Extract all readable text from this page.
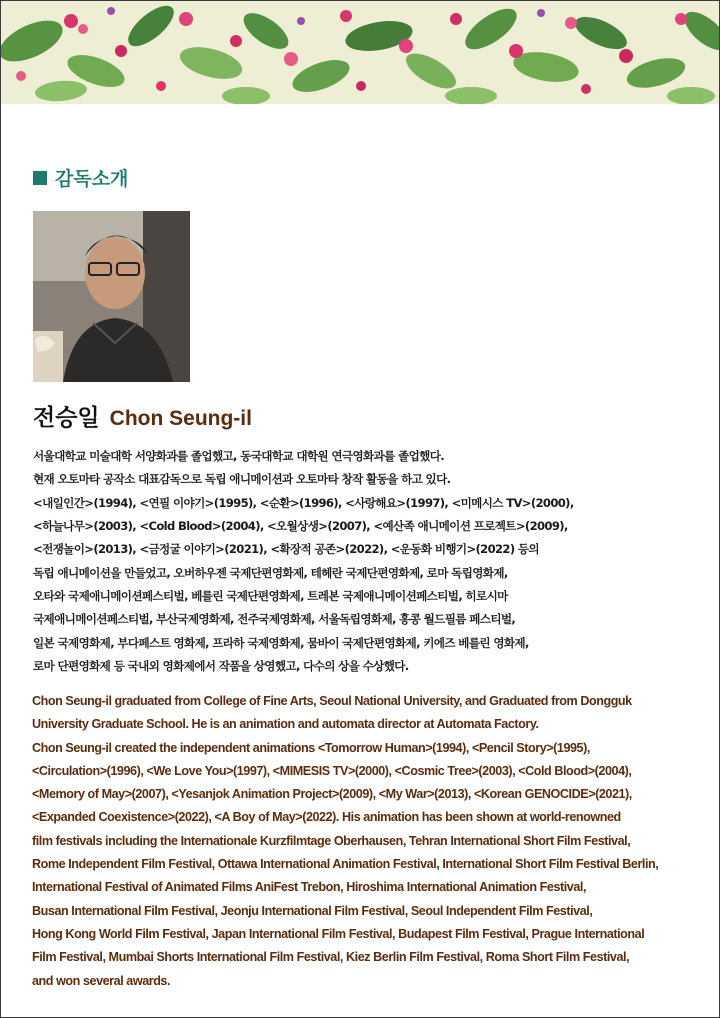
감독소개
전승일 Chon Seung-il
서울대학교 미술대학 서양화과를 졸업했고, 동국대학교 대학원 연극영화과를 졸업했다.
현재 오토마타 공작소 대표감독으로 독립 애니메이션과 오토마타 창작 활동을 하고 있다.
<내일인간>(1994), <연필 이야기>(1995), <순환>(1996), <사랑해요>(1997), <미메시스 TV>(2000),
<하늘나무>(2003), <Cold Blood>(2004), <오월상생>(2007), <예산족 애니메이션 프로젝트>(2009),
<전쟁놀이>(2013), <금정굴 이야기>(2021), <확장적 공존>(2022), <운동화 비행기>(2022) 등의
독립 애니메이션을 만들었고, 오버하우젠 국제단편영화제, 테헤란 국제단편영화제, 로마 독립영화제,
오타와 국제애니메이션페스티벌, 베를린 국제단편영화제, 트레본 국제애니메이션페스티벌, 히로시마
국제애니메이션페스티벌, 부산국제영화제, 전주국제영화제, 서울독립영화제, 홍콩 월드필름 페스티벌,
일본 국제영화제, 부다페스트 영화제, 프라하 국제영화제, 뭄바이 국제단편영화제, 키에즈 베를린 영화제,
로마 단편영화제 등 국내외 영화제에서 작품을 상영했고, 다수의 상을 수상했다.
Chon Seung-il graduated from College of Fine Arts, Seoul National University, and Graduated from Dongguk
University Graduate School. He is an animation and automata director at Automata Factory.
Chon Seung-il created the independent animations <Tomorrow Human>(1994), <Pencil Story>(1995),
<Circulation>(1996), <We Love You>(1997), <MIMESIS TV>(2000), <Cosmic Tree>(2003), <Cold Blood>(2004),
<Memory of May>(2007), <Yesanjok Animation Project>(2009), <My War>(2013), <Korean GENOCIDE>(2021),
<Expanded Coexistence>(2022), <A Boy of May>(2022). His animation has been shown at world-renowned
film festivals including the Internationale Kurzfilmtage Oberhausen, Tehran International Short Film Festival,
Rome Independent Film Festival, Ottawa International Animation Festival, International Short Film Festival Berlin,
International Festival of Animated Films AniFest Trebon, Hiroshima International Animation Festival,
Busan International Film Festival, Jeonju International Film Festival, Seoul Independent Film Festival,
Hong Kong World Film Festival, Japan International Film Festival, Budapest Film Festival, Prague International
Film Festival, Mumbai Shorts International Film Festival, Kiez Berlin Film Festival, Roma Short Film Festival,
and won several awards.
